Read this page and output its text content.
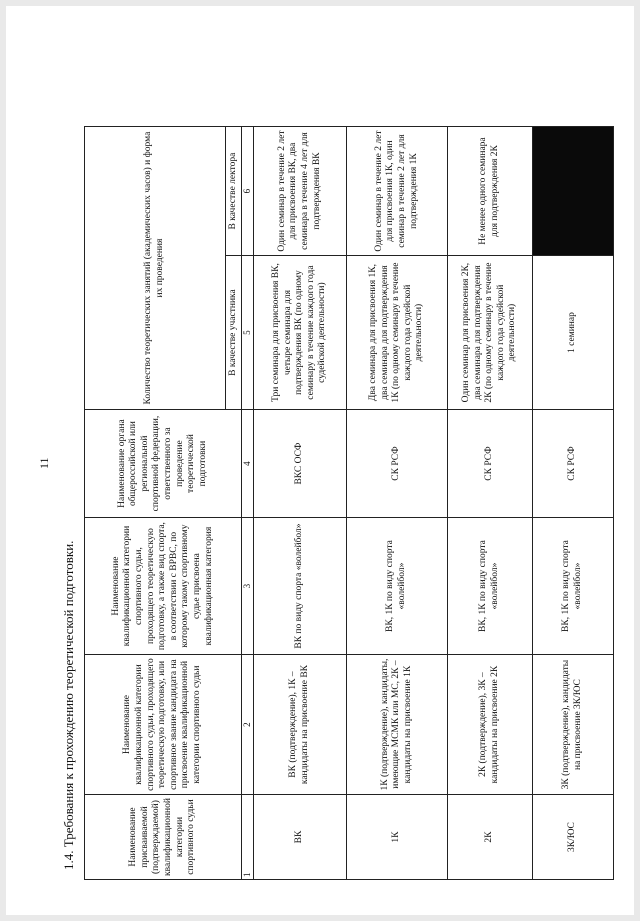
11
1.4. Требования к прохождению теоретической подготовки.	Наименование присваиваемой (подтверждаемой) квалификационной категории спортивного судьи	Наименование квалификационной категории спортивного судьи, проходящего теоретическую подготовку, или спортивное звание кандидата на присвоение квалификационной категории спортивного судьи	Наименование квалификационной категории спортивного судьи, проходящего теоретическую подготовку, а также вид спорта, в соответствии с ВРВС, по которому такому спортивному судье присвоена квалификационная категория	Наименование органа общероссийской или региональной спортивной федерации, ответственного за проведение теоретической подготовки	Количество теоретических занятий (академических часов) и форма их проведения	
				В качестве участника	В качестве лектора
1	2	3	4	5	6
ВК	ВК (подтверждение), 1К – кандидаты на присвоение ВК	ВК по виду спорта «волейбол»	ВКС ОСФ	Три семинара для присвоения ВК, четыре семинара для подтверждения ВК (по одному семинару в течение каждого года судейской деятельности)	Один семинар в течение 2 лет для присвоения ВК, два семинара в течение 4 лет для подтверждения ВК
1К	1К (подтверждение), кандидаты, имеющие МСМК или МС, 2К – кандидаты на присвоение 1К	ВК, 1К по виду спорта «волейбол»	СК РСФ	Два семинара для присвоения 1К, два семинара для подтверждения 1К (по одному семинару в течение каждого года судейской деятельности)	Один семинар в течение 2 лет для присвоения 1К, один семинар в течение 2 лет для подтверждения 1К
2К	2К (подтверждение), 3К – кандидаты на присвоение 2К	ВК, 1К по виду спорта «волейбол»	СК РСФ	Один семинар для присвоения 2К, два семинара для подтверждения 2К (по одному семинару в течение каждого года судейской деятельности)	Не менее одного семинара для подтверждения 2К
3К/ЮС	3К (подтверждение), кандидаты на присвоение 3К/ЮС	ВК, 1К по виду спорта «волейбол»	СК РСФ	1 семинар	
